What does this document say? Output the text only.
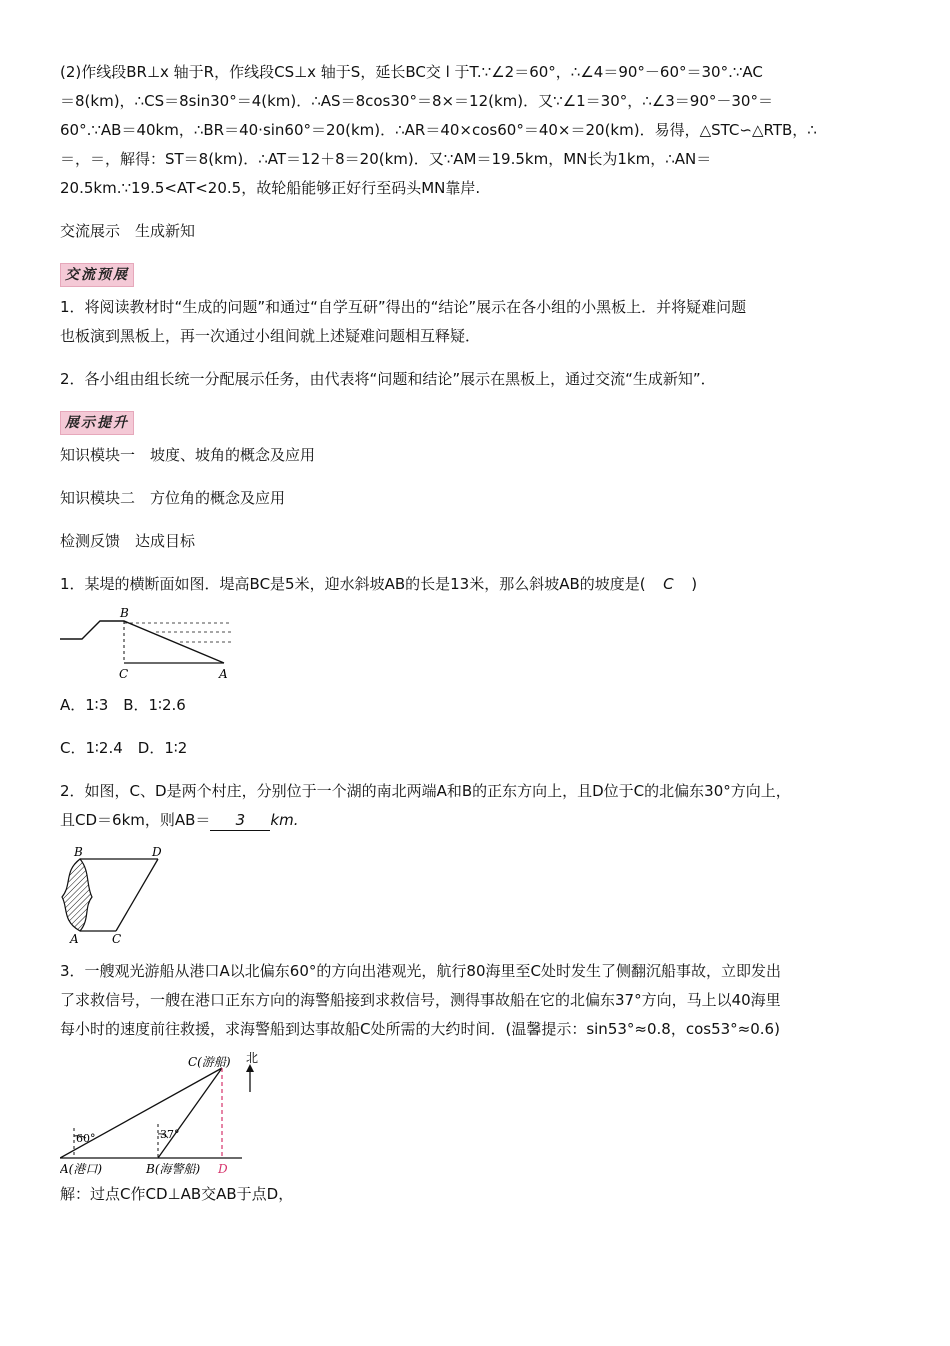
(2)作线段BR⊥x 轴于R，作线段CS⊥x 轴于S，延长BC交 l 于T.∵∠2＝60°，∴∠4＝90°－60°＝30°.∵AC

＝8(km)，∴CS＝8sin30°＝4(km)．∴AS＝8cos30°＝8×＝12(km)．又∵∠1＝30°，∴∠3＝90°－30°＝

60°.∵AB＝40km，∴BR＝40·sin60°＝20(km)．∴AR＝40×cos60°＝40×＝20(km)．易得，△STC∽△RTB，∴

＝，＝，解得：ST＝8(km)．∴AT＝12＋8＝20(km)．又∵AM＝19.5km，MN长为1km，∴AN＝

20.5km.∵19.5<AT<20.5，故轮船能够正好行至码头MN靠岸.

交流展示　生成新知

交流预展

1．将阅读教材时“生成的问题”和通过“自学互研”得出的“结论”展示在各小组的小黑板上．并将疑难问题

也板演到黑板上，再一次通过小组间就上述疑难问题相互释疑．

2．各小组由组长统一分配展示任务，由代表将“问题和结论”展示在黑板上，通过交流“生成新知”．

展示提升

知识模块一　坡度、坡角的概念及应用

知识模块二　方位角的概念及应用

检测反馈　达成目标

1．某堤的横断面如图．堤高BC是5米，迎水斜坡AB的长是13米，那么斜坡AB的坡度是( C )

B
C	A

A．1∶3　B．1∶2.6

C．1∶2.4　D．1∶2

2．如图，C、D是两个村庄，分别位于一个湖的南北两端A和B的正东方向上，且D位于C的北偏东30°方向上，

且CD＝6km，则AB＝ 3 km.

B	D
A	C

3．一艘观光游船从港口A以北偏东60°的方向出港观光，航行80海里至C处时发生了侧翻沉船事故，立即发出

了求救信号，一艘在港口正东方向的海警船接到求救信号，测得事故船在它的北偏东37°方向，马上以40海里

每小时的速度前往救援，求海警船到达事故船C处所需的大约时间．(温馨提示：sin53°≈0.8，cos53°≈0.6)

北
C(游船)
60°	37°
A(港口)	B(海警船) D

解：过点C作CD⊥AB交AB于点D，
